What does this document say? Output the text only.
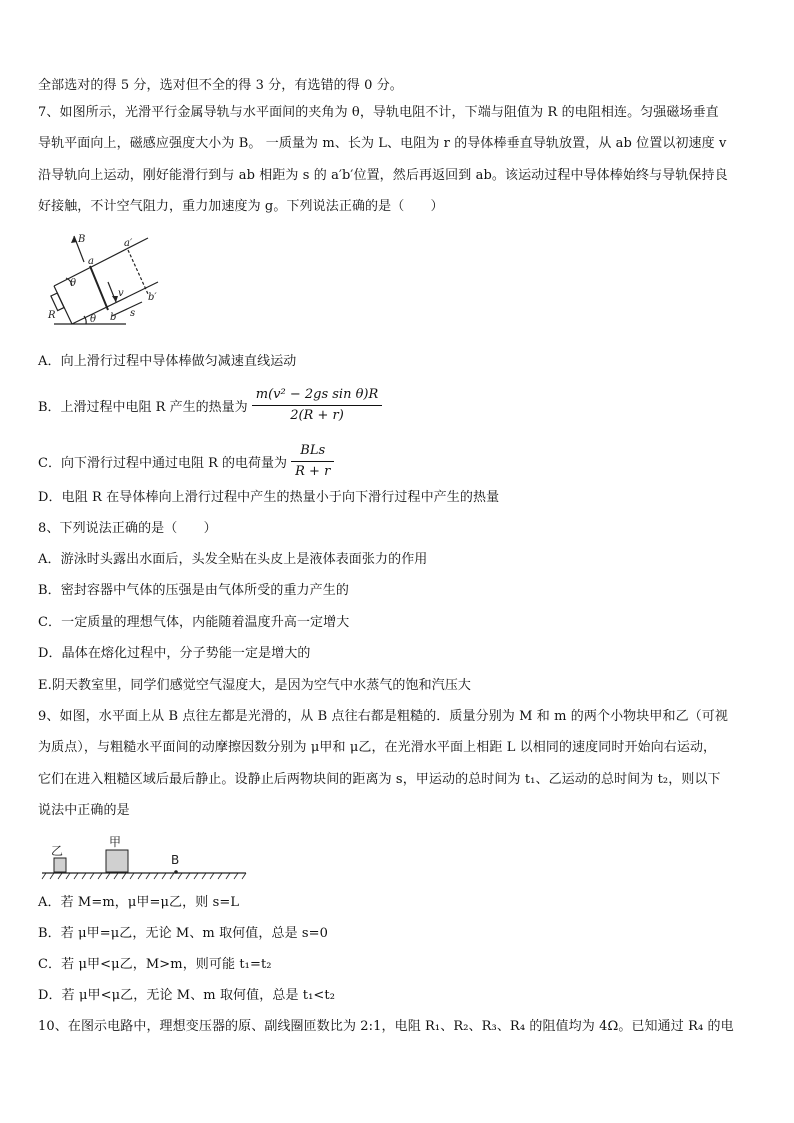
全部选对的得 5 分，选对但不全的得 3 分，有选错的得 0 分。
7、如图所示，光滑平行金属导轨与水平面间的夹角为 θ，导轨电阻不计，下端与阻值为 R 的电阻相连。匀强磁场垂直
导轨平面向上，磁感应强度大小为 B。 一质量为 m、长为 L、电阻为 r 的导体棒垂直导轨放置，从 ab 位置以初速度 v
沿导轨向上运动，刚好能滑行到与 ab 相距为 s 的 a′b′位置，然后再返回到 ab。该运动过程中导体棒始终与导轨保持良
好接触，不计空气阻力，重力加速度为 g。下列说法正确的是（　　）
B
a
a′
b
b′
R
v
θ
θ
s
A．向上滑行过程中导体棒做匀减速直线运动
B．上滑过程中电阻 R 产生的热量为 $\frac{\text{m(v² − 2gs sin θ)R}}{2(R + r)}$
C．向下滑行过程中通过电阻 R 的电荷量为 $\frac{\text{BLs}}{R + r}$
D．电阻 R 在导体棒向上滑行过程中产生的热量小于向下滑行过程中产生的热量
8、下列说法正确的是（　　）
A．游泳时头露出水面后，头发全贴在头皮上是液体表面张力的作用
B．密封容器中气体的压强是由气体所受的重力产生的
C．一定质量的理想气体，内能随着温度升高一定增大
D．晶体在熔化过程中，分子势能一定是增大的
E.阴天教室里，同学们感觉空气湿度大，是因为空气中水蒸气的饱和汽压大
9、如图，水平面上从 B 点往左都是光滑的，从 B 点往右都是粗糙的．质量分别为 M 和 m 的两个小物块甲和乙（可视
为质点），与粗糙水平面间的动摩擦因数分别为 μ甲和 μ乙，在光滑水平面上相距 L 以相同的速度同时开始向右运动，
它们在进入粗糙区域后最后静止。设静止后两物块间的距离为 s，甲运动的总时间为 t₁、乙运动的总时间为 t₂，则以下
说法中正确的是
乙
甲
B
A．若 M=m，μ甲=μ乙，则 s=L
B．若 μ甲=μ乙，无论 M、m 取何值，总是 s=0
C．若 μ甲<μ乙，M>m，则可能 t₁=t₂
D．若 μ甲<μ乙，无论 M、m 取何值，总是 t₁<t₂
10、在图示电路中，理想变压器的原、副线圈匝数比为 2:1，电阻 R₁、R₂、R₃、R₄ 的阻值均为 4Ω。已知通过 R₄ 的电
